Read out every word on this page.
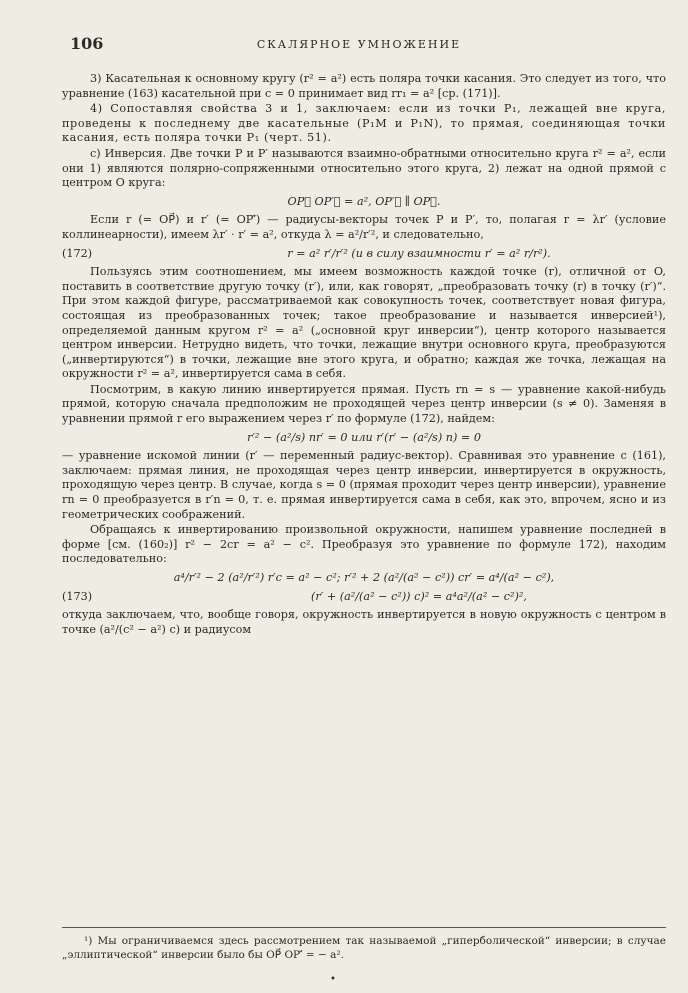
106	СКАЛЯРНОЕ УМНОЖЕНИЕ

3) Касательная к основному кругу (r² = a²) есть поляра точки касания. Это следует из того, что уравнение (163) касательной при c = 0 принимает вид rr₁ = a² [ср. (171)].

4) Сопоставляя свойства 3 и 1, заключаем: если из точки P₁, лежащей вне круга, проведены к последнему две касательные (P₁M и P₁N), то прямая, соединяющая точки касания, есть поляра точки P₁ (черт. 51).

c) Инверсия. Две точки P и P′ называются взаимно-обратными относительно круга r² = a², если они 1) являются полярно-сопряженными относительно этого круга, 2) лежат на одной прямой с центром O круга:

OP⃗ OP′⃗ = a², OP′⃗ ∥ OP⃗.

Если r (= OP⃗) и r′ (= OP′⃗) — радиусы-векторы точек P и P′, то, полагая r = λr′ (условие коллинеарности), имеем λr′ · r′ = a², откуда λ = a²/r′², и следовательно,

(172)	r = a² r′/r′² (и в силу взаимности r′ = a² r/r²).

Пользуясь этим соотношением, мы имеем возможность каждой точке (r), отличной от O, поставить в соответствие другую точку (r′), или, как говорят, „преобразовать точку (r) в точку (r′)“. При этом каждой фигуре, рассматриваемой как совокупность точек, соответствует новая фигура, состоящая из преобразованных точек; такое преобразование и называется инверсией¹), определяемой данным кругом r² = a² („основной круг инверсии“), центр которого называется центром инверсии. Нетрудно видеть, что точки, лежащие внутри основного круга, преобразуются („инвертируются“) в точки, лежащие вне этого круга, и обратно; каждая же точка, лежащая на окружности r² = a², инвертируется сама в себя.

Посмотрим, в какую линию инвертируется прямая. Пусть rn = s — уравнение какой-нибудь прямой, которую сначала предположим не проходящей через центр инверсии (s ≠ 0). Заменяя в уравнении прямой r его выражением через r′ по формуле (172), найдем:

r′² − (a²/s) nr′ = 0 или r′(r′ − (a²/s) n) = 0

— уравнение искомой линии (r′ — переменный радиус-вектор). Сравнивая это уравнение с (161), заключаем: прямая линия, не проходящая через центр инверсии, инвертируется в окружность, проходящую через центр. В случае, когда s = 0 (прямая проходит через центр инверсии), уравнение rn = 0 преобразуется в r′n = 0, т. е. прямая инвертируется сама в себя, как это, впрочем, ясно и из геометрических соображений.

Обращаясь к инвертированию произвольной окружности, напишем уравнение последней в форме [см. (160₂)] r² − 2cr = a² − c². Преобразуя это уравнение по формуле 172), находим последовательно:

a⁴/r′² − 2 (a²/r′²) r′c = a² − c²; r′² + 2 (a²/(a² − c²)) cr′ = a⁴/(a² − c²),
(173)	(r′ + (a²/(a² − c²)) c)² = a⁴a²/(a² − c²)²,

откуда заключаем, что, вообще говоря, окружность инвертируется в новую окружность с центром в точке (a²/(c² − a²) c) и радиусом

¹) Мы ограничиваемся здесь рассмотрением так называемой „гиперболической“ инверсии; в случае „эллиптической“ инверсии было бы OP⃗ OP′⃗ = − a².
•
